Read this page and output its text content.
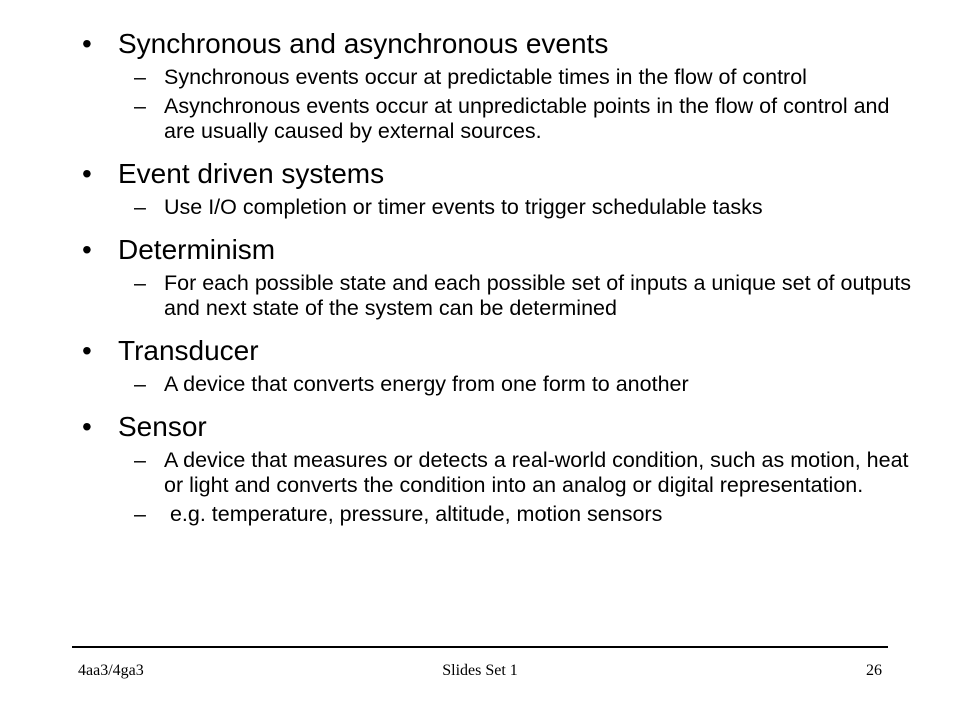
• Synchronous and asynchronous events
– Synchronous events occur at predictable times in the flow of control
– Asynchronous events occur at unpredictable points in the flow of control and are usually caused by external sources.
• Event driven systems
– Use I/O completion or timer events to trigger schedulable tasks
• Determinism
– For each possible state and each possible set of inputs a unique set of outputs and next state of the system can be determined
• Transducer
– A device that converts energy from one form to another
• Sensor
– A device that measures or detects a real-world condition, such as motion, heat or light and converts the condition into an analog or digital representation.
– e.g. temperature, pressure, altitude, motion sensors
4aa3/4ga3	Slides Set 1	26
